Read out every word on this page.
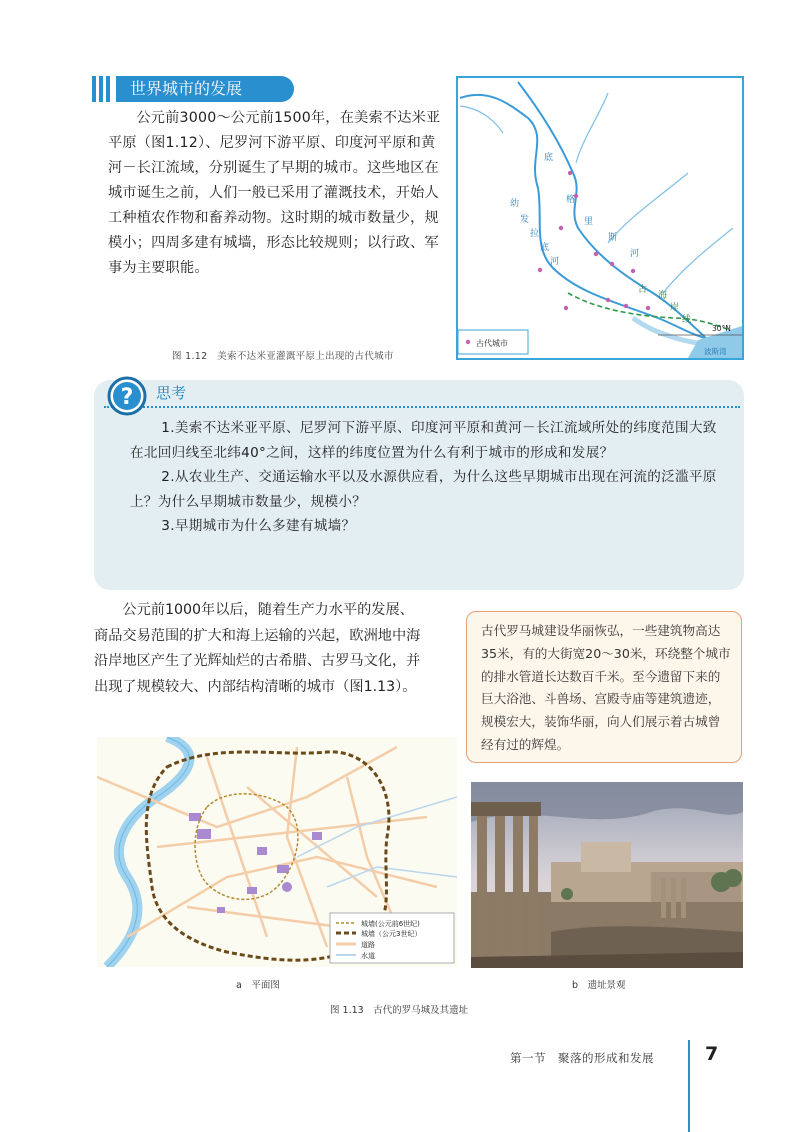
世界城市的发展

公元前3000～公元前1500年，在美索不达米亚平原（图1.12）、尼罗河下游平原、印度河平原和黄河－长江流域，分别诞生了早期的城市。这些地区在城市诞生之前，人们一般已采用了灌溉技术，开始人工种植农作物和畜养动物。这时期的城市数量少，规模小；四周多建有城墙，形态比较规则；以行政、军事为主要职能。

底
格
里
斯
河
幼
发
拉
底
河
古
海
岸
线
30°N
波斯湾
古代城市
图 1.12　美索不达米亚灌溉平原上出现的古代城市
? 思考

1.美索不达米亚平原、尼罗河下游平原、印度河平原和黄河－长江流域所处的纬度范围大致在北回归线至北纬40°之间，这样的纬度位置为什么有利于城市的形成和发展？

2.从农业生产、交通运输水平以及水源供应看，为什么这些早期城市出现在河流的泛滥平原上？为什么早期城市数量少，规模小？

3.早期城市为什么多建有城墙？

公元前1000年以后，随着生产力水平的发展、商品交易范围的扩大和海上运输的兴起，欧洲地中海沿岸地区产生了光辉灿烂的古希腊、古罗马文化，并出现了规模较大、内部结构清晰的城市（图1.13）。

古代罗马城建设华丽恢弘，一些建筑物高达35米，有的大街宽20～30米，环绕整个城市的排水管道长达数百千米。至今遗留下来的巨大浴池、斗兽场、宫殿寺庙等建筑遗迹，规模宏大，装饰华丽，向人们展示着古城曾经有过的辉煌。
城墙(公元前6世纪)
城墙（公元3世纪）
道路
水道
a　平面图	b　遗址景观
图 1.13　古代的罗马城及其遗址
第一节　聚落的形成和发展	7
